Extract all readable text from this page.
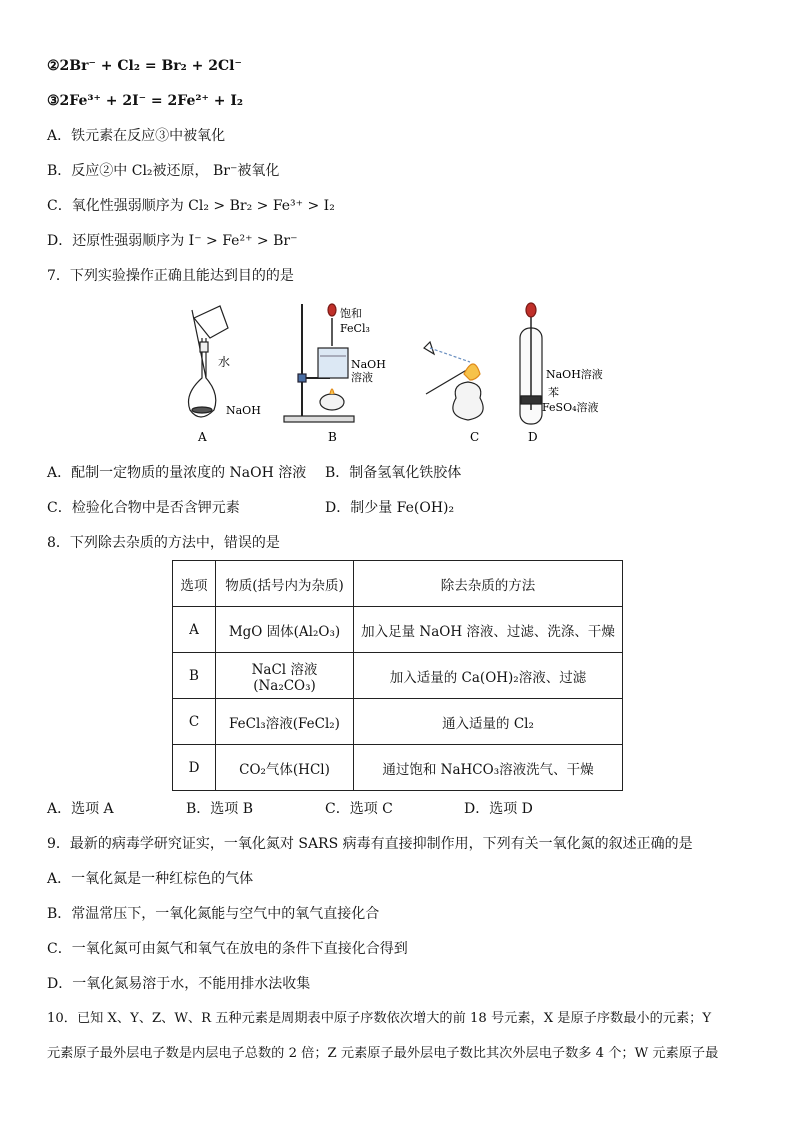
②2Br⁻ + Cl₂ = Br₂ + 2Cl⁻
③2Fe³⁺ + 2I⁻ = 2Fe²⁺ + I₂
A．铁元素在反应③中被氧化
B．反应②中 Cl₂被还原， Br⁻被氧化
C．氧化性强弱顺序为 Cl₂ > Br₂ > Fe³⁺ > I₂
D．还原性强弱顺序为 I⁻ > Fe²⁺ > Br⁻
7．下列实验操作正确且能达到目的的是
水
NaOH
A
饱和
FeCl₃
NaOH
溶液
B	C
NaOH溶液
苯
FeSO₄溶液
D
A．配制一定物质的量浓度的 NaOH 溶液 B．制备氢氧化铁胶体
C．检验化合物中是否含钾元素	D．制少量 Fe(OH)₂
8．下列除去杂质的方法中，错误的是
选项	物质(括号内为杂质)	除去杂质的方法
A	MgO 固体(Al₂O₃)	加入足量 NaOH 溶液、过滤、洗涤、干燥
B	NaCl 溶液(Na₂CO₃)	加入适量的 Ca(OH)₂溶液、过滤
C	FeCl₃溶液(FeCl₂)	通入适量的 Cl₂
D	CO₂气体(HCl)	通过饱和 NaHCO₃溶液洗气、干燥
A．选项 A	B．选项 B	C．选项 C	D．选项 D
9．最新的病毒学研究证实，一氧化氮对 SARS 病毒有直接抑制作用，下列有关一氧化氮的叙述正确的是
A．一氧化氮是一种红棕色的气体
B．常温常压下，一氧化氮能与空气中的氧气直接化合
C．一氧化氮可由氮气和氧气在放电的条件下直接化合得到
D．一氧化氮易溶于水，不能用排水法收集
10．已知 X、Y、Z、W、R 五种元素是周期表中原子序数依次增大的前 18 号元素，X 是原子序数最小的元素；Y
元素原子最外层电子数是内层电子总数的 2 倍；Z 元素原子最外层电子数比其次外层电子数多 4 个；W 元素原子最
